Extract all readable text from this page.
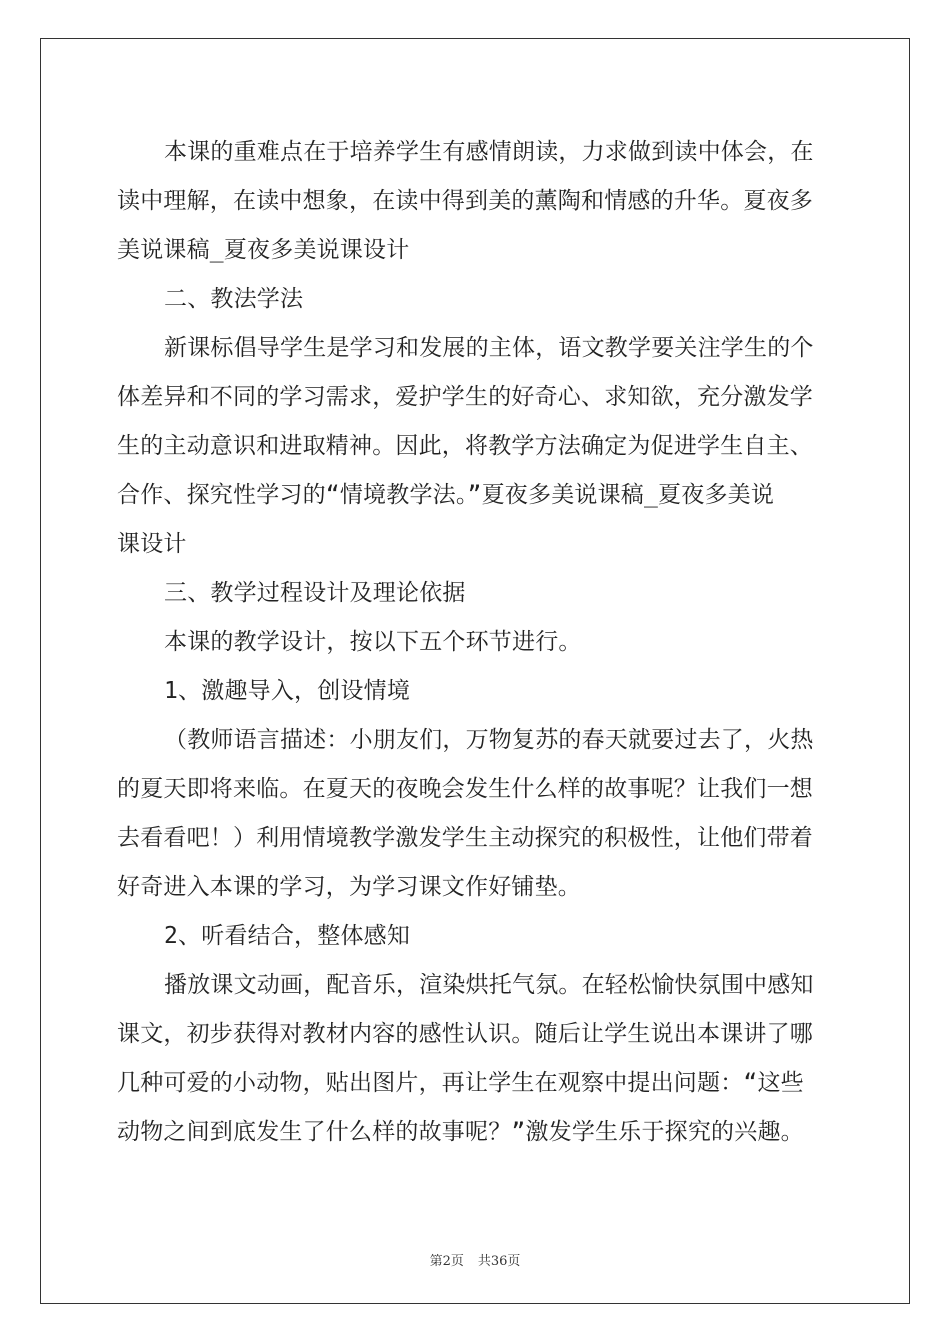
本课的重难点在于培养学生有感情朗读，力求做到读中体会，在
读中理解，在读中想象，在读中得到美的薰陶和情感的升华。夏夜多
美说课稿_夏夜多美说课设计
二、教法学法
新课标倡导学生是学习和发展的主体，语文教学要关注学生的个
体差异和不同的学习需求，爱护学生的好奇心、求知欲，充分激发学
生的主动意识和进取精神。因此，将教学方法确定为促进学生自主、
合作、探究性学习的“情境教学法。”夏夜多美说课稿_夏夜多美说
课设计
三、教学过程设计及理论依据
本课的教学设计，按以下五个环节进行。
1、激趣导入，创设情境
（教师语言描述：小朋友们，万物复苏的春天就要过去了，火热
的夏天即将来临。在夏天的夜晚会发生什么样的故事呢？让我们一想
去看看吧！）利用情境教学激发学生主动探究的积极性，让他们带着
好奇进入本课的学习，为学习课文作好铺垫。
2、听看结合，整体感知
播放课文动画，配音乐，渲染烘托气氛。在轻松愉快氛围中感知
课文，初步获得对教材内容的感性认识。随后让学生说出本课讲了哪
几种可爱的小动物，贴出图片，再让学生在观察中提出问题：“这些
动物之间到底发生了什么样的故事呢？”激发学生乐于探究的兴趣。
第2页 共36页
